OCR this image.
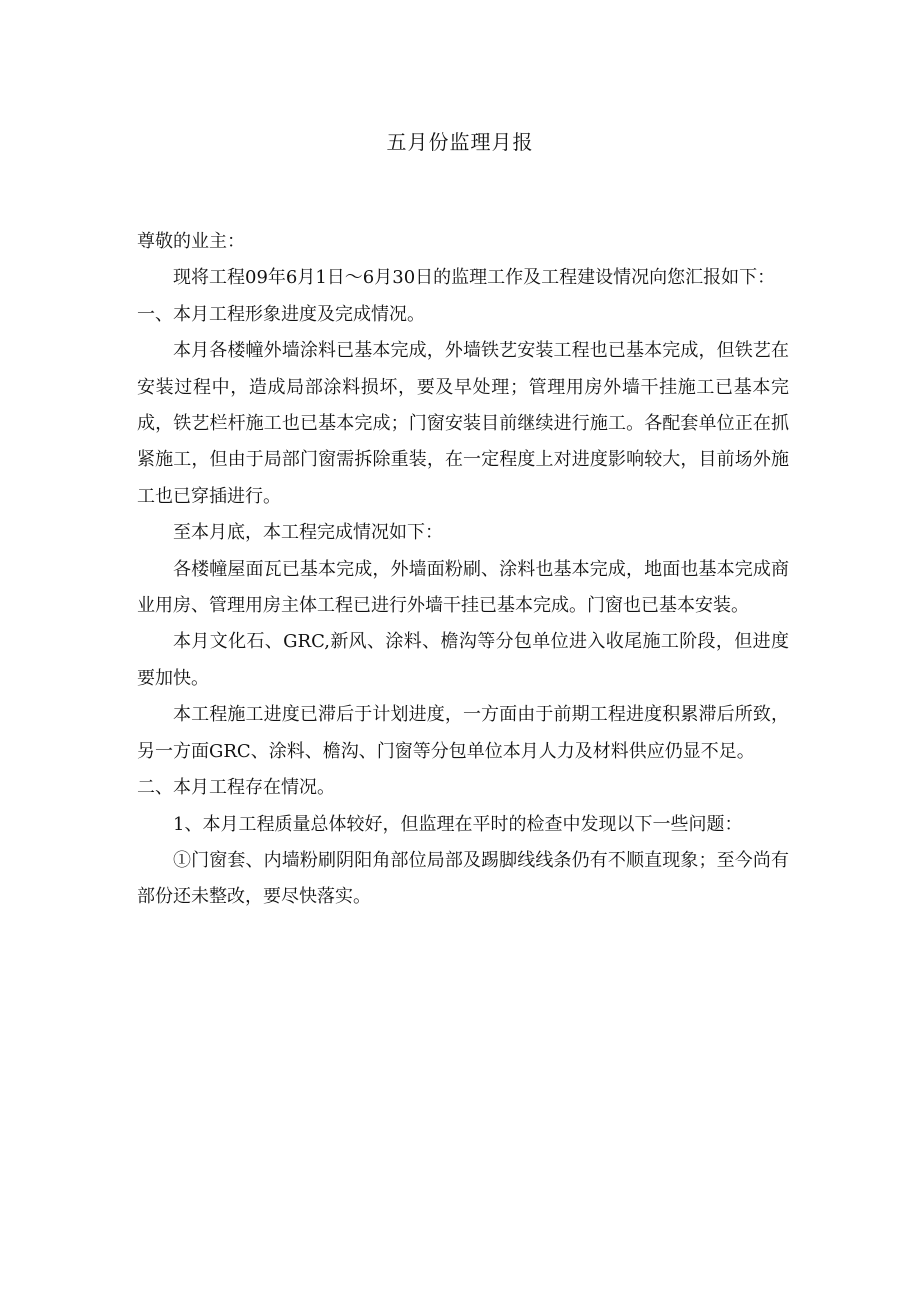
五月份监理月报

尊敬的业主：

现将工程09年6月1日～6月30日的监理工作及工程建设情况向您汇报如下：

一、本月工程形象进度及完成情况。

本月各楼幢外墙涂料已基本完成，外墙铁艺安装工程也已基本完成，但铁艺在安装过程中，造成局部涂料损坏，要及早处理；管理用房外墙干挂施工已基本完成，铁艺栏杆施工也已基本完成；门窗安装目前继续进行施工。各配套单位正在抓紧施工，但由于局部门窗需拆除重装，在一定程度上对进度影响较大，目前场外施工也已穿插进行。

至本月底，本工程完成情况如下：

各楼幢屋面瓦已基本完成，外墙面粉刷、涂料也基本完成，地面也基本完成商业用房、管理用房主体工程已进行外墙干挂已基本完成。门窗也已基本安装。

本月文化石、GRC,新风、涂料、檐沟等分包单位进入收尾施工阶段，但进度要加快。

本工程施工进度已滞后于计划进度，一方面由于前期工程进度积累滞后所致，另一方面GRC、涂料、檐沟、门窗等分包单位本月人力及材料供应仍显不足。

二、本月工程存在情况。

1、本月工程质量总体较好，但监理在平时的检查中发现以下一些问题：

①门窗套、内墙粉刷阴阳角部位局部及踢脚线线条仍有不顺直现象；至今尚有部份还未整改，要尽快落实。
